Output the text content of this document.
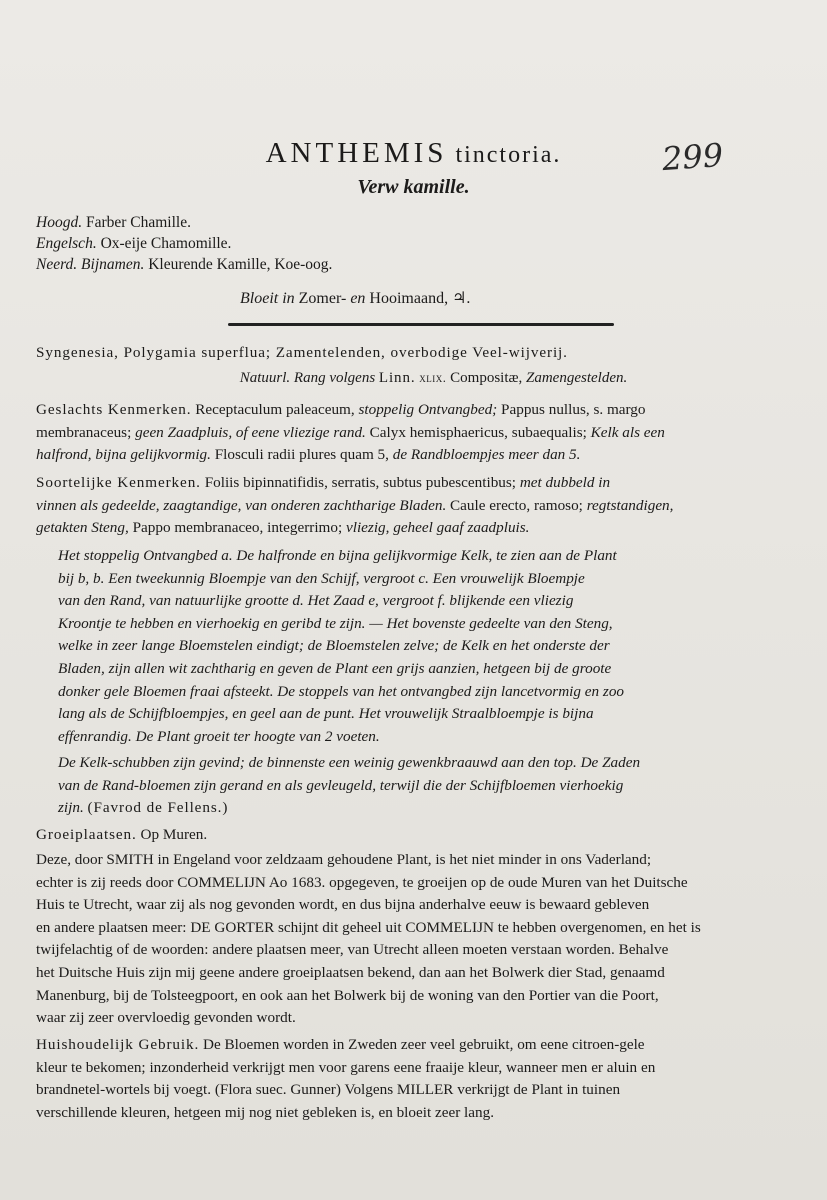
ANTHEMIS tinctoria.	299
Verw kamille.
Hoogd. Farber Chamille.
Engelsch. Ox-eije Chamomille.
Neerd. Bijnamen. Kleurende Kamille, Koe-oog.
Bloeit in Zomer- en Hooimaand, ♃.
Syngenesia, Polygamia superflua; Zamentelenden, overbodige Veel-wijverij.
Natuurl. Rang volgens Linn. xlix. Compositæ, Zamengestelden.
Geslachts Kenmerken. Receptaculum paleaceum, stoppelig Ontvangbed; Pappus nullus, s. margo
membranaceus; geen Zaadpluis, of eene vliezige rand. Calyx hemisphaericus, subaequalis; Kelk als een
halfrond, bijna gelijkvormig. Flosculi radii plures quam 5, de Randbloempjes meer dan 5.
Soortelijke Kenmerken. Foliis bipinnatifidis, serratis, subtus pubescentibus; met dubbeld in
vinnen als gedeelde, zaagtandige, van onderen zachtharige Bladen. Caule erecto, ramoso; regtstandigen,
getakten Steng, Pappo membranaceo, integerrimo; vliezig, geheel gaaf zaadpluis.
Het stoppelig Ontvangbed a. De halfronde en bijna gelijkvormige Kelk, te zien aan de Plant
bij b, b. Een tweekunnig Bloempje van den Schijf, vergroot c. Een vrouwelijk Bloempje
van den Rand, van natuurlijke grootte d. Het Zaad e, vergroot f. blijkende een vliezig
Kroontje te hebben en vierhoekig en geribd te zijn. — Het bovenste gedeelte van den Steng,
welke in zeer lange Bloemstelen eindigt; de Bloemstelen zelve; de Kelk en het onderste der
Bladen, zijn allen wit zachtharig en geven de Plant een grijs aanzien, hetgeen bij de groote
donker gele Bloemen fraai afsteekt. De stoppels van het ontvangbed zijn lancetvormig en zoo
lang als de Schijfbloempjes, en geel aan de punt. Het vrouwelijk Straalbloempje is bijna
effenrandig. De Plant groeit ter hoogte van 2 voeten.
De Kelk-schubben zijn gevind; de binnenste een weinig gewenkbraauwd aan den top. De Zaden
van de Rand-bloemen zijn gerand en als gevleugeld, terwijl die der Schijfbloemen vierhoekig
zijn. (Favrod de Fellens.)
Groeiplaatsen. Op Muren.
Deze, door SMITH in Engeland voor zeldzaam gehoudene Plant, is het niet minder in ons Vaderland;
echter is zij reeds door COMMELIJN Ao 1683. opgegeven, te groeijen op de oude Muren van het Duitsche
Huis te Utrecht, waar zij als nog gevonden wordt, en dus bijna anderhalve eeuw is bewaard gebleven
en andere plaatsen meer: DE GORTER schijnt dit geheel uit COMMELIJN te hebben overgenomen, en het is
twijfelachtig of de woorden: andere plaatsen meer, van Utrecht alleen moeten verstaan worden. Behalve
het Duitsche Huis zijn mij geene andere groeiplaatsen bekend, dan aan het Bolwerk dier Stad, genaamd
Manenburg, bij de Tolsteegpoort, en ook aan het Bolwerk bij de woning van den Portier van die Poort,
waar zij zeer overvloedig gevonden wordt.
Huishoudelijk Gebruik. De Bloemen worden in Zweden zeer veel gebruikt, om eene citroen-gele
kleur te bekomen; inzonderheid verkrijgt men voor garens eene fraaije kleur, wanneer men er aluin en
brandnetel-wortels bij voegt. (Flora suec. Gunner) Volgens MILLER verkrijgt de Plant in tuinen
verschillende kleuren, hetgeen mij nog niet gebleken is, en bloeit zeer lang.
